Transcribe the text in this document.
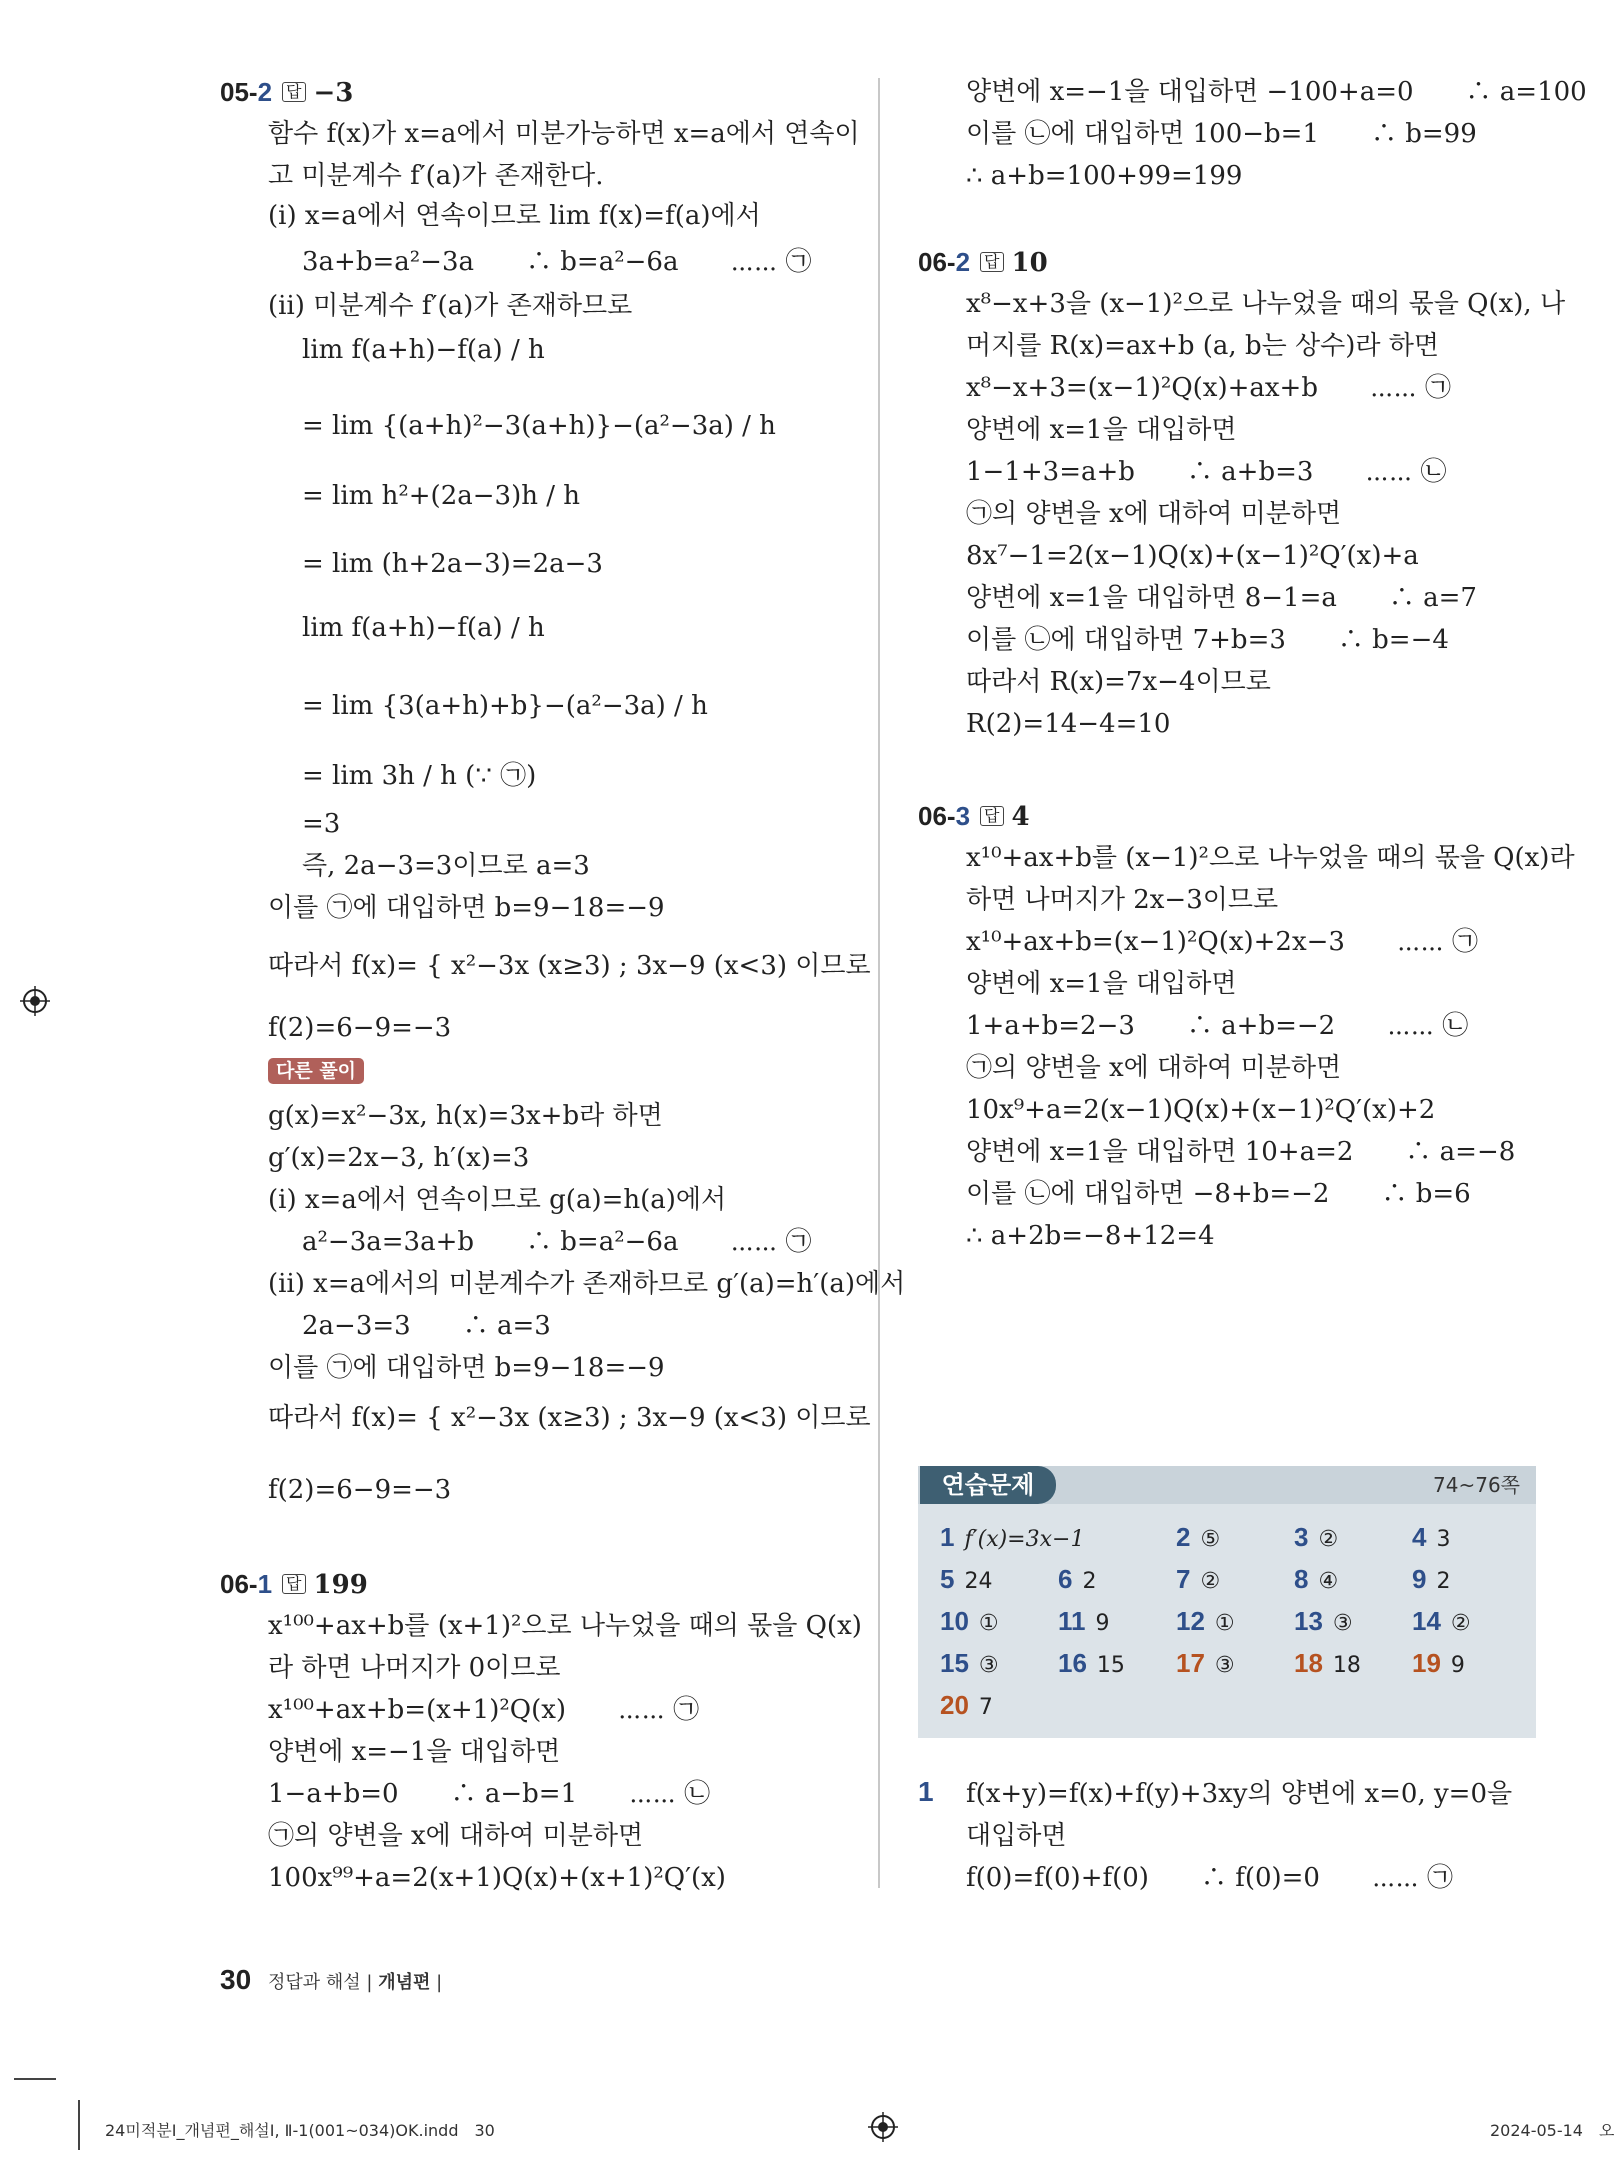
05-2 답 −3
함수 f(x)가 x=a에서 미분가능하면 x=a에서 연속이
고 미분계수 f′(a)가 존재한다.
(ⅰ) x=a에서 연속이므로 lim f(x)=f(a)에서
3a+b=a²−3a　　∴ b=a²−6a　　⋯⋯ ㉠
(ⅱ) 미분계수 f′(a)가 존재하므로
lim f(a+h)−f(a) / h
= lim {(a+h)²−3(a+h)}−(a²−3a) / h
= lim h²+(2a−3)h / h
= lim (h+2a−3)=2a−3
lim f(a+h)−f(a) / h
= lim {3(a+h)+b}−(a²−3a) / h
= lim 3h / h (∵ ㉠)
=3
즉, 2a−3=3이므로 a=3
이를 ㉠에 대입하면 b=9−18=−9
따라서 f(x)= { x²−3x (x≥3) ; 3x−9 (x<3) 이므로
f(2)=6−9=−3
다른 풀이
g(x)=x²−3x, h(x)=3x+b라 하면
g′(x)=2x−3, h′(x)=3
(ⅰ) x=a에서 연속이므로 g(a)=h(a)에서
a²−3a=3a+b　　∴ b=a²−6a　　⋯⋯ ㉠
(ⅱ) x=a에서의 미분계수가 존재하므로 g′(a)=h′(a)에서
2a−3=3　　∴ a=3
이를 ㉠에 대입하면 b=9−18=−9
따라서 f(x)= { x²−3x (x≥3) ; 3x−9 (x<3) 이므로
f(2)=6−9=−3
06-1 답 199
x¹⁰⁰+ax+b를 (x+1)²으로 나누었을 때의 몫을 Q(x)
라 하면 나머지가 0이므로
x¹⁰⁰+ax+b=(x+1)²Q(x)　　⋯⋯ ㉠
양변에 x=−1을 대입하면
1−a+b=0　　∴ a−b=1　　⋯⋯ ㉡
㉠의 양변을 x에 대하여 미분하면
100x⁹⁹+a=2(x+1)Q(x)+(x+1)²Q′(x)
양변에 x=−1을 대입하면 −100+a=0　　∴ a=100
이를 ㉡에 대입하면 100−b=1　　∴ b=99
∴ a+b=100+99=199
06-2 답 10
x⁸−x+3을 (x−1)²으로 나누었을 때의 몫을 Q(x), 나
머지를 R(x)=ax+b (a, b는 상수)라 하면
x⁸−x+3=(x−1)²Q(x)+ax+b　　⋯⋯ ㉠
양변에 x=1을 대입하면
1−1+3=a+b　　∴ a+b=3　　⋯⋯ ㉡
㉠의 양변을 x에 대하여 미분하면
8x⁷−1=2(x−1)Q(x)+(x−1)²Q′(x)+a
양변에 x=1을 대입하면 8−1=a　　∴ a=7
이를 ㉡에 대입하면 7+b=3　　∴ b=−4
따라서 R(x)=7x−4이므로
R(2)=14−4=10
06-3 답 4
x¹⁰+ax+b를 (x−1)²으로 나누었을 때의 몫을 Q(x)라
하면 나머지가 2x−3이므로
x¹⁰+ax+b=(x−1)²Q(x)+2x−3　　⋯⋯ ㉠
양변에 x=1을 대입하면
1+a+b=2−3　　∴ a+b=−2　　⋯⋯ ㉡
㉠의 양변을 x에 대하여 미분하면
10x⁹+a=2(x−1)Q(x)+(x−1)²Q′(x)+2
양변에 x=1을 대입하면 10+a=2　　∴ a=−8
이를 ㉡에 대입하면 −8+b=−2　　∴ b=6
∴ a+2b=−8+12=4
연습문제	74~76쪽
1 f′(x)=3x−1	2 ⑤	3 ②	4 3
5 24	6 2	7 ②	8 ④	9 2
10 ① 11 9	12 ① 13 ③ 14 ②
15 ③ 16 15 17 ③ 18 18 19 9
20 7
1 f(x+y)=f(x)+f(y)+3xy의 양변에 x=0, y=0을
대입하면
f(0)=f(0)+f(0)　　∴ f(0)=0　　⋯⋯ ㉠
30 정답과 해설 | 개념편 |
24미적분Ⅰ_개념편_해설Ⅰ, Ⅱ-1(001~034)OK.indd　30	2024-05-14　오
